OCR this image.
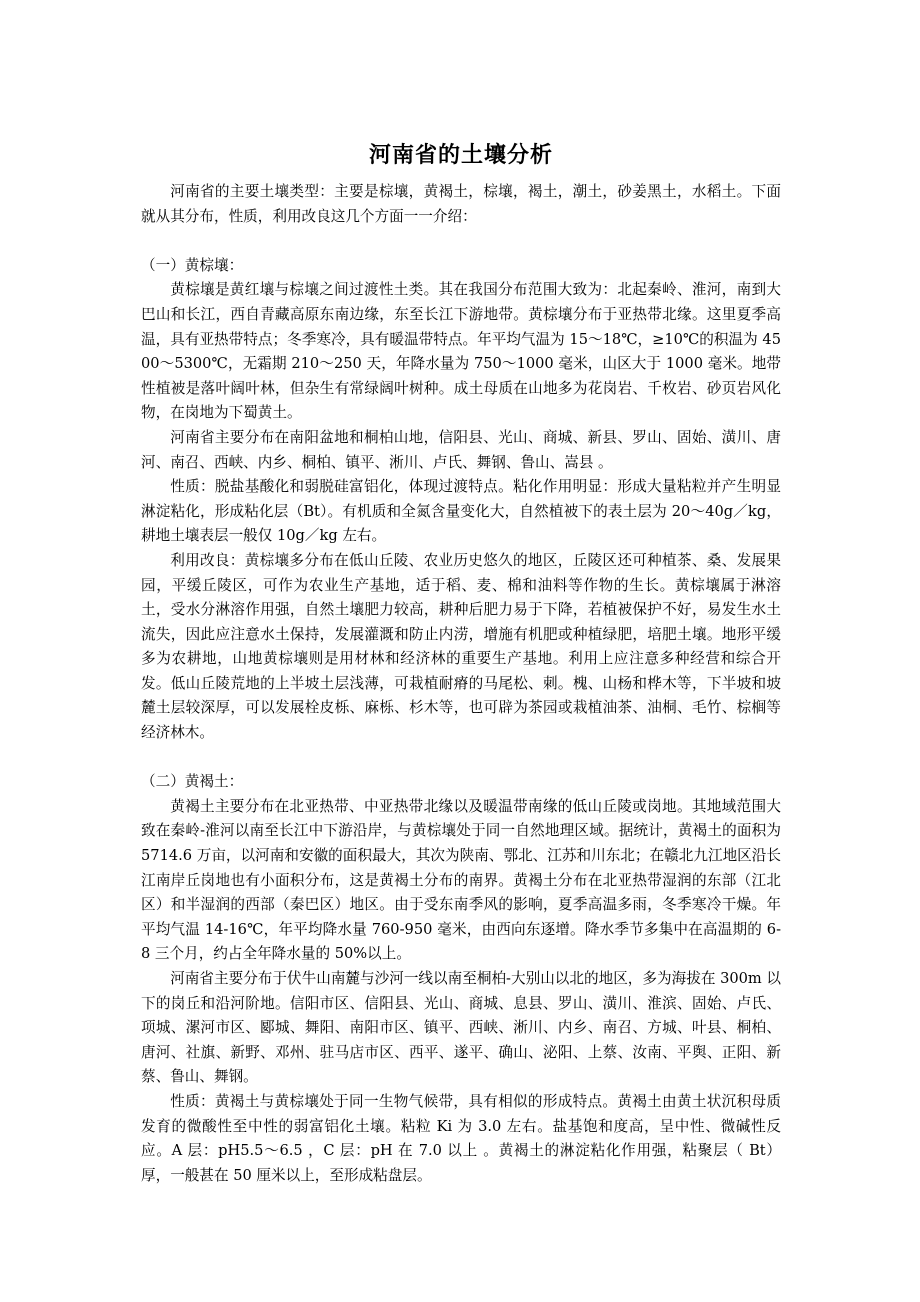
河南省的土壤分析

河南省的主要土壤类型：主要是棕壤，黄褐土，棕壤，褐土，潮土，砂姜黑土，水稻土。下面就从其分布，性质，利用改良这几个方面一一介绍：

（一）黄棕壤：

黄棕壤是黄红壤与棕壤之间过渡性土类。其在我国分布范围大致为：北起秦岭、淮河，南到大巴山和长江，西自青藏高原东南边缘，东至长江下游地带。黄棕壤分布于亚热带北缘。这里夏季高温，具有亚热带特点；冬季寒冷，具有暖温带特点。年平均气温为 15～18℃，≥10℃的积温为 4500～5300℃，无霜期 210～250 天，年降水量为 750～1000 毫米，山区大于 1000 毫米。地带性植被是落叶阔叶林，但杂生有常绿阔叶树种。成土母质在山地多为花岗岩、千枚岩、砂页岩风化物，在岗地为下蜀黄土。

河南省主要分布在南阳盆地和桐柏山地，信阳县、光山、商城、新县、罗山、固始、潢川、唐河、南召、西峡、内乡、桐柏、镇平、淅川、卢氏、舞钢、鲁山、嵩县 。

性质：脱盐基酸化和弱脱硅富铝化，体现过渡特点。粘化作用明显：形成大量粘粒并产生明显淋淀粘化，形成粘化层（Bt）。有机质和全氮含量变化大，自然植被下的表土层为 20～40g／kg，耕地土壤表层一般仅 10g／kg 左右。

利用改良：黄棕壤多分布在低山丘陵、农业历史悠久的地区，丘陵区还可种植茶、桑、发展果园，平缓丘陵区，可作为农业生产基地，适于稻、麦、棉和油料等作物的生长。黄棕壤属于淋溶土，受水分淋溶作用强，自然土壤肥力较高，耕种后肥力易于下降，若植被保护不好，易发生水土流失，因此应注意水土保持，发展灌溉和防止内涝，增施有机肥或种植绿肥，培肥土壤。地形平缓多为农耕地，山地黄棕壤则是用材林和经济林的重要生产基地。利用上应注意多种经营和综合开发。低山丘陵荒地的上半坡土层浅薄，可栽植耐瘠的马尾松、刺。槐、山杨和桦木等，下半坡和坡麓土层较深厚，可以发展栓皮栎、麻栎、杉木等，也可辟为茶园或栽植油茶、油桐、毛竹、棕榈等经济林木。

（二）黄褐土：

黄褐土主要分布在北亚热带、中亚热带北缘以及暖温带南缘的低山丘陵或岗地。其地域范围大致在秦岭-淮河以南至长江中下游沿岸，与黄棕壤处于同一自然地理区域。据统计，黄褐土的面积为 5714.6 万亩，以河南和安徽的面积最大，其次为陕南、鄂北、江苏和川东北；在赣北九江地区沿长江南岸丘岗地也有小面积分布，这是黄褐土分布的南界。黄褐土分布在北亚热带湿润的东部（江北区）和半湿润的西部（秦巴区）地区。由于受东南季风的影响，夏季高温多雨，冬季寒冷干燥。年平均气温 14-16℃，年平均降水量 760-950 毫米，由西向东逐增。降水季节多集中在高温期的 6-8 三个月，约占全年降水量的 50%以上。

河南省主要分布于伏牛山南麓与沙河一线以南至桐柏-大别山以北的地区，多为海拔在 300m 以下的岗丘和沿河阶地。信阳市区、信阳县、光山、商城、息县、罗山、潢川、淮滨、固始、卢氏、项城、漯河市区、郾城、舞阳、南阳市区、镇平、西峡、淅川、内乡、南召、方城、叶县、桐柏、唐河、社旗、新野、邓州、驻马店市区、西平、遂平、确山、泌阳、上蔡、汝南、平舆、正阳、新蔡、鲁山、舞钢。

性质：黄褐土与黄棕壤处于同一生物气候带，具有相似的形成特点。黄褐土由黄土状沉积母质发育的微酸性至中性的弱富铝化土壤。粘粒 Ki 为 3.0 左右。盐基饱和度高，呈中性、微碱性反应。A 层：pH5.5～6.5 ，C 层：pH 在 7.0 以上 。黄褐土的淋淀粘化作用强，粘聚层（ Bt）厚，一般甚在 50 厘米以上，至形成粘盘层。
